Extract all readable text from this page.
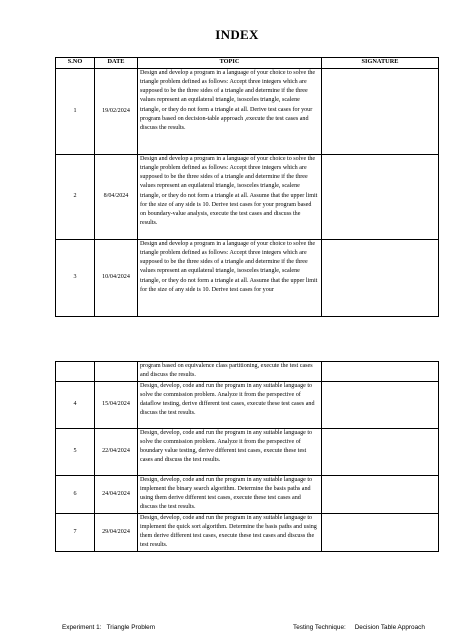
INDEX
S.NO	DATE	TOPIC	SIGNATURE
1	19/02/2024	Design and develop a program in a language of your choice to solve the triangle problem defined as follows: Accept three integers which are supposed to be the three sides of a triangle and determine if the three values represent an equilateral triangle, isosceles triangle, scalene triangle, or they do not form a triangle at all. Derive test cases for your program based on decision-table approach ,execute the test cases and discuss the results.	
2	8/04/2024	Design and develop a program in a language of your choice to solve the triangle problem defined as follows: Accept three integers which are supposed to be the three sides of a triangle and determine if the three values represent an equilateral triangle, isosceles triangle, scalene triangle, or they do not form a triangle at all. Assume that the upper limit for the size of any side is 10. Derive test cases for your program based on boundary-value analysis, execute the test cases and discuss the results.	
3	10/04/2024	Design and develop a program in a language of your choice to solve the triangle problem defined as follows: Accept three integers which are supposed to be the three sides of a triangle and determine if the three values represent an equilateral triangle, isosceles triangle, scalene triangle, or they do not form a triangle at all. Assume that the upper limit for the size of any side is 10. Derive test cases for your	
		program based on equivalence class partitioning, execute the test cases and discuss the results.	
4	15/04/2024	Design, develop, code and run the program in any suitable language to solve the commission problem. Analyze it from the perspective of dataflow testing, derive different test cases, execute these test cases and discuss the test results.	
5	22/04/2024	Design, develop, code and run the program in any suitable language to solve the commission problem. Analyze it from the perspective of boundary value testing, derive different test cases, execute these test cases and discuss the test results.	
6	24/04/2024	Design, develop, code and run the program in any suitable language to implement the binary search algorithm. Determine the basis paths and using them derive different test cases, execute these test cases and discuss the test results.	
7	29/04/2024	Design, develop, code and run the program in any suitable language to implement the quick sort algorithm. Determine the basis paths and using them derive different test cases, execute these test cases and discuss the test results.	
Experiment 1:   Triangle Problem	Testing Technique:     Decision Table Approach
